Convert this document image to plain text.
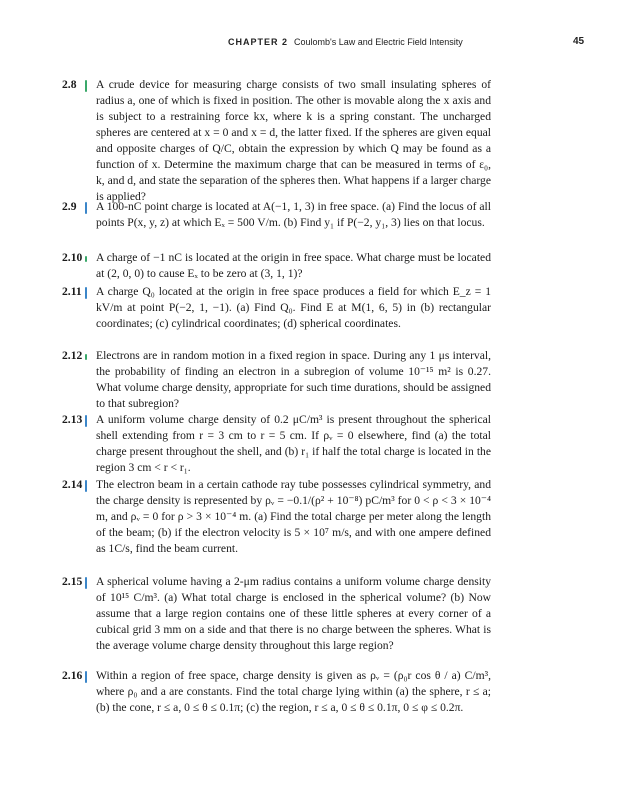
CHAPTER 2 Coulomb's Law and Electric Field Intensity	45
2.8 A crude device for measuring charge consists of two small insulating spheres of radius a, one of which is fixed in position. The other is movable along the x axis and is subject to a restraining force kx, where k is a spring constant. The uncharged spheres are centered at x = 0 and x = d, the latter fixed. If the spheres are given equal and opposite charges of Q/C, obtain the expression by which Q may be found as a function of x. Determine the maximum charge that can be measured in terms of ε₀, k, and d, and state the separation of the spheres then. What happens if a larger charge is applied?

2.9 A 100-nC point charge is located at A(−1, 1, 3) in free space. (a) Find the locus of all points P(x, y, z) at which Eₓ = 500 V/m. (b) Find y₁ if P(−2, y₁, 3) lies on that locus.

2.10 A charge of −1 nC is located at the origin in free space. What charge must be located at (2, 0, 0) to cause Eₓ to be zero at (3, 1, 1)?

2.11 A charge Q₀ located at the origin in free space produces a field for which E_z = 1 kV/m at point P(−2, 1, −1). (a) Find Q₀. Find E at M(1, 6, 5) in (b) rectangular coordinates; (c) cylindrical coordinates; (d) spherical coordinates.

2.12 Electrons are in random motion in a fixed region in space. During any 1 μs interval, the probability of finding an electron in a subregion of volume 10⁻¹⁵ m² is 0.27. What volume charge density, appropriate for such time durations, should be assigned to that subregion?

2.13 A uniform volume charge density of 0.2 μC/m³ is present throughout the spherical shell extending from r = 3 cm to r = 5 cm. If ρᵥ = 0 elsewhere, find (a) the total charge present throughout the shell, and (b) r₁ if half the total charge is located in the region 3 cm < r < r₁.

2.14 The electron beam in a certain cathode ray tube possesses cylindrical symmetry, and the charge density is represented by ρᵥ = −0.1/(ρ² + 10⁻⁸) pC/m³ for 0 < ρ < 3 × 10⁻⁴ m, and ρᵥ = 0 for ρ > 3 × 10⁻⁴ m. (a) Find the total charge per meter along the length of the beam; (b) if the electron velocity is 5 × 10⁷ m/s, and with one ampere defined as 1C/s, find the beam current.

2.15 A spherical volume having a 2-μm radius contains a uniform volume charge density of 10¹⁵ C/m³. (a) What total charge is enclosed in the spherical volume? (b) Now assume that a large region contains one of these little spheres at every corner of a cubical grid 3 mm on a side and that there is no charge between the spheres. What is the average volume charge density throughout this large region?

2.16 Within a region of free space, charge density is given as ρᵥ = (ρ₀r cos θ / a) C/m³, where ρ₀ and a are constants. Find the total charge lying within (a) the sphere, r ≤ a; (b) the cone, r ≤ a, 0 ≤ θ ≤ 0.1π; (c) the region, r ≤ a, 0 ≤ θ ≤ 0.1π, 0 ≤ φ ≤ 0.2π.
